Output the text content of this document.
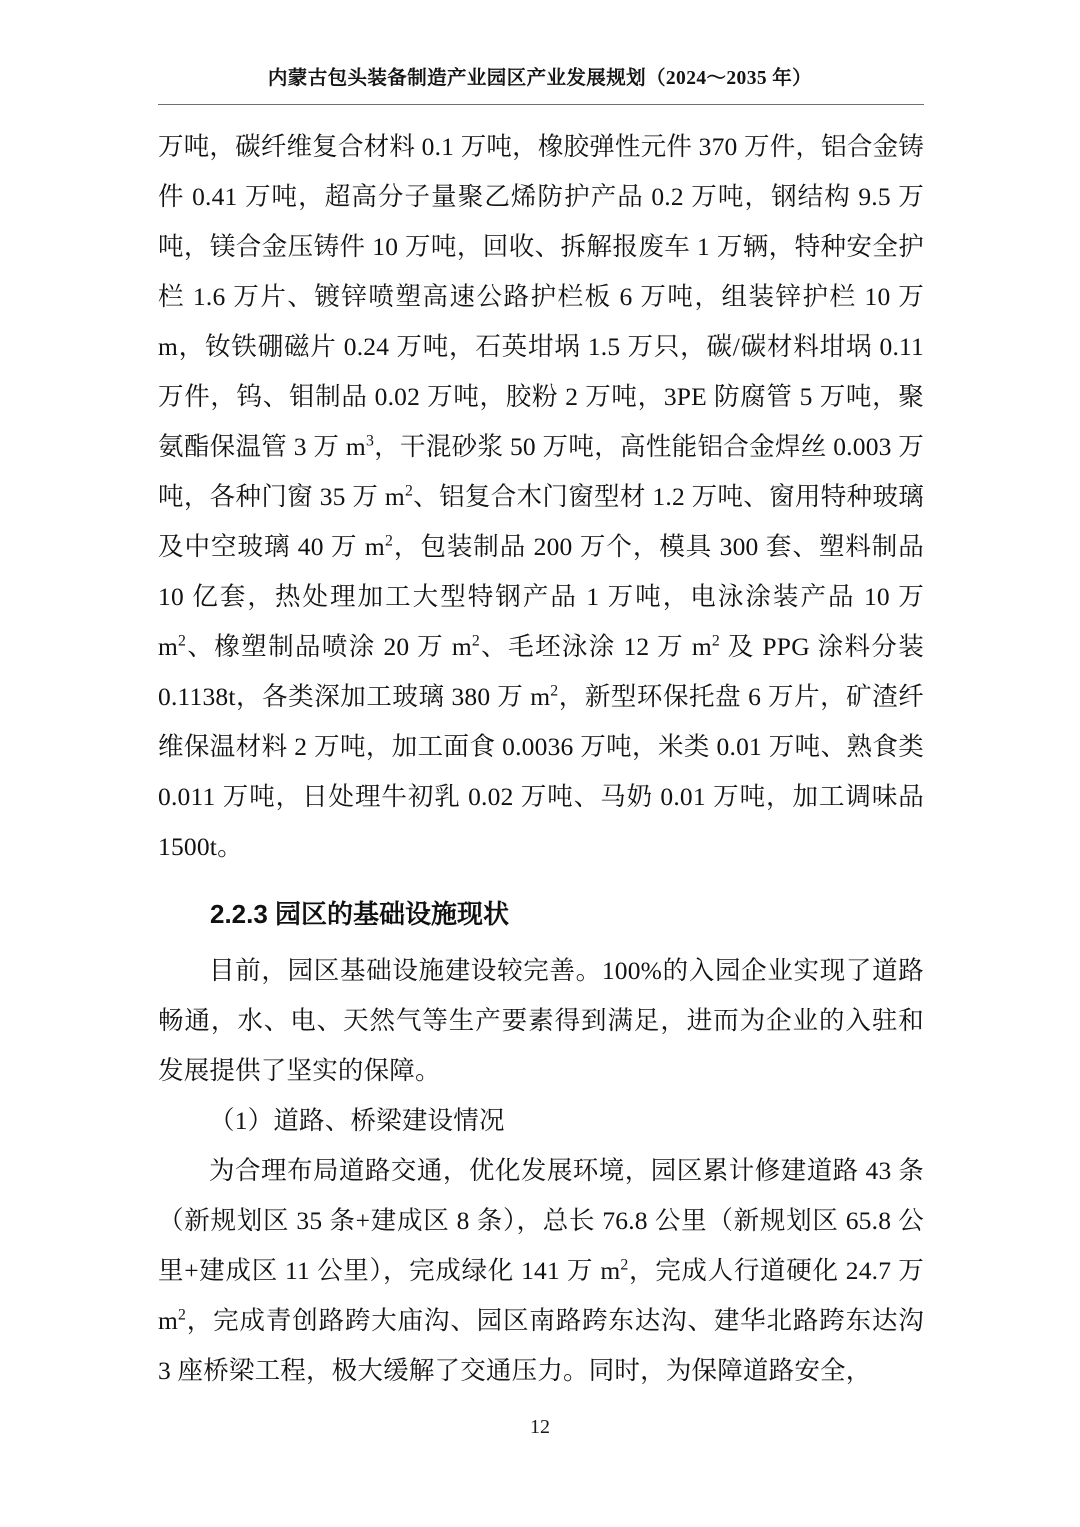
内蒙古包头装备制造产业园区产业发展规划（2024～2035 年）

万吨，碳纤维复合材料 0.1 万吨，橡胶弹性元件 370 万件，铝合金铸件 0.41 万吨，超高分子量聚乙烯防护产品 0.2 万吨，钢结构 9.5 万吨，镁合金压铸件 10 万吨，回收、拆解报废车 1 万辆，特种安全护栏 1.6 万片、镀锌喷塑高速公路护栏板 6 万吨，组装锌护栏 10 万 m，钕铁硼磁片 0.24 万吨，石英坩埚 1.5 万只，碳/碳材料坩埚 0.11 万件，钨、钼制品 0.02 万吨，胶粉 2 万吨，3PE 防腐管 5 万吨，聚氨酯保温管 3 万 $m^3$，干混砂浆 50 万吨，高性能铝合金焊丝 0.003 万吨，各种门窗 35 万 $m^2$、铝复合木门窗型材 1.2 万吨、窗用特种玻璃及中空玻璃 40 万 $m^2$，包装制品 200 万个，模具 300 套、塑料制品 10 亿套，热处理加工大型特钢产品 1 万吨，电泳涂装产品 10 万 $m^2$、橡塑制品喷涂 20 万 $m^2$、毛坯泳涂 12 万 $m^2$ 及 PPG 涂料分装 0.1138t，各类深加工玻璃 380 万 $m^2$，新型环保托盘 6 万片，矿渣纤维保温材料 2 万吨，加工面食 0.0036 万吨，米类 0.01 万吨、熟食类 0.011 万吨，日处理牛初乳 0.02 万吨、马奶 0.01 万吨，加工调味品 1500t。

2.2.3 园区的基础设施现状

目前，园区基础设施建设较完善。100%的入园企业实现了道路畅通，水、电、天然气等生产要素得到满足，进而为企业的入驻和发展提供了坚实的保障。

（1）道路、桥梁建设情况

为合理布局道路交通，优化发展环境，园区累计修建道路 43 条（新规划区 35 条+建成区 8 条），总长 76.8 公里（新规划区 65.8 公里+建成区 11 公里），完成绿化 141 万 $m^2$，完成人行道硬化 24.7 万 $m^2$，完成青创路跨大庙沟、园区南路跨东达沟、建华北路跨东达沟 3 座桥梁工程，极大缓解了交通压力。同时，为保障道路安全，

12
